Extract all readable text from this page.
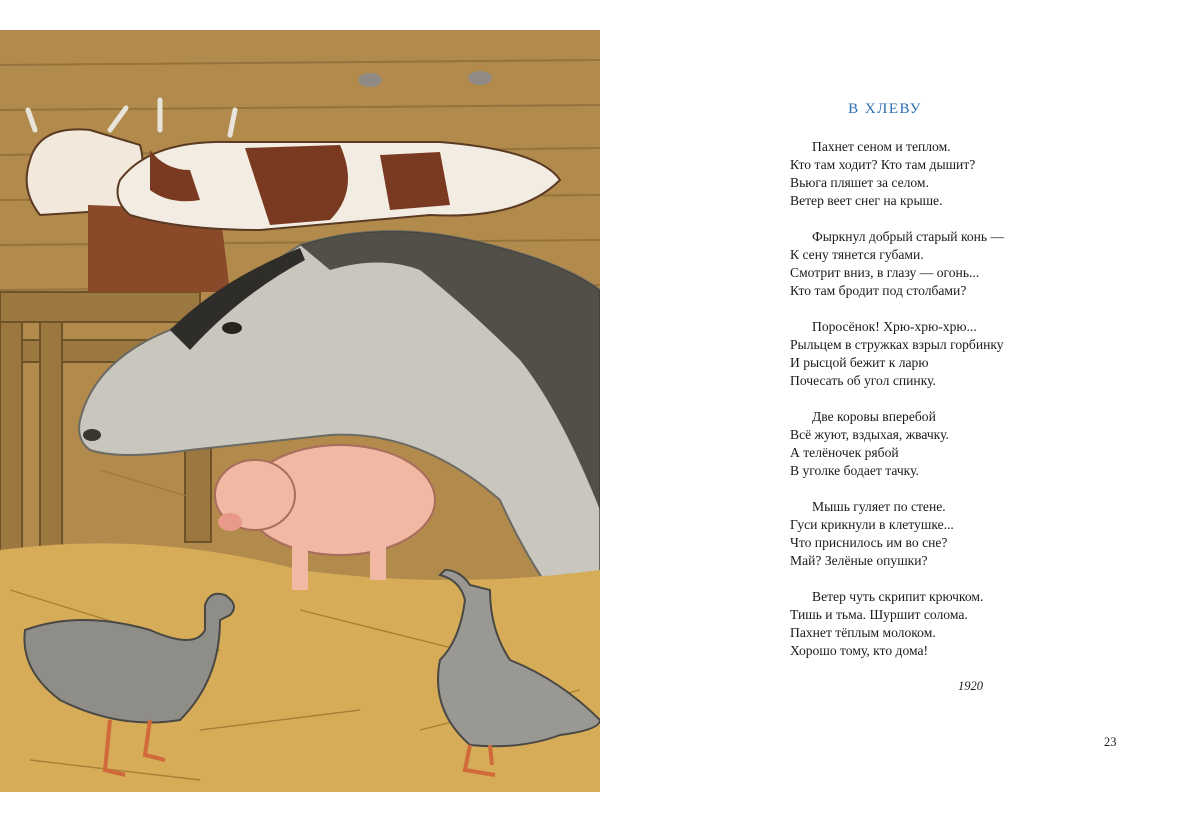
В ХЛЕВУ
Пахнет сеном и теплом.
Кто там ходит? Кто там дышит?
Вьюга пляшет за селом.
Ветер веет снег на крыше.
Фыркнул добрый старый конь —
К сену тянется губами.
Смотрит вниз, в глазу — огонь...
Кто там бродит под столбами?
Поросёнок! Хрю-хрю-хрю...
Рыльцем в стружках взрыл горбинку
И рысцой бежит к ларю
Почесать об угол спинку.
Две коровы вперебой
Всё жуют, вздыхая, жвачку.
А телёночек рябой
В уголке бодает тачку.
Мышь гуляет по стене.
Гуси крикнули в клетушке...
Что приснилось им во сне?
Май? Зелёные опушки?
Ветер чуть скрипит крючком.
Тишь и тьма. Шуршит солома.
Пахнет тёплым молоком.
Хорошо тому, кто дома!
1920
23
